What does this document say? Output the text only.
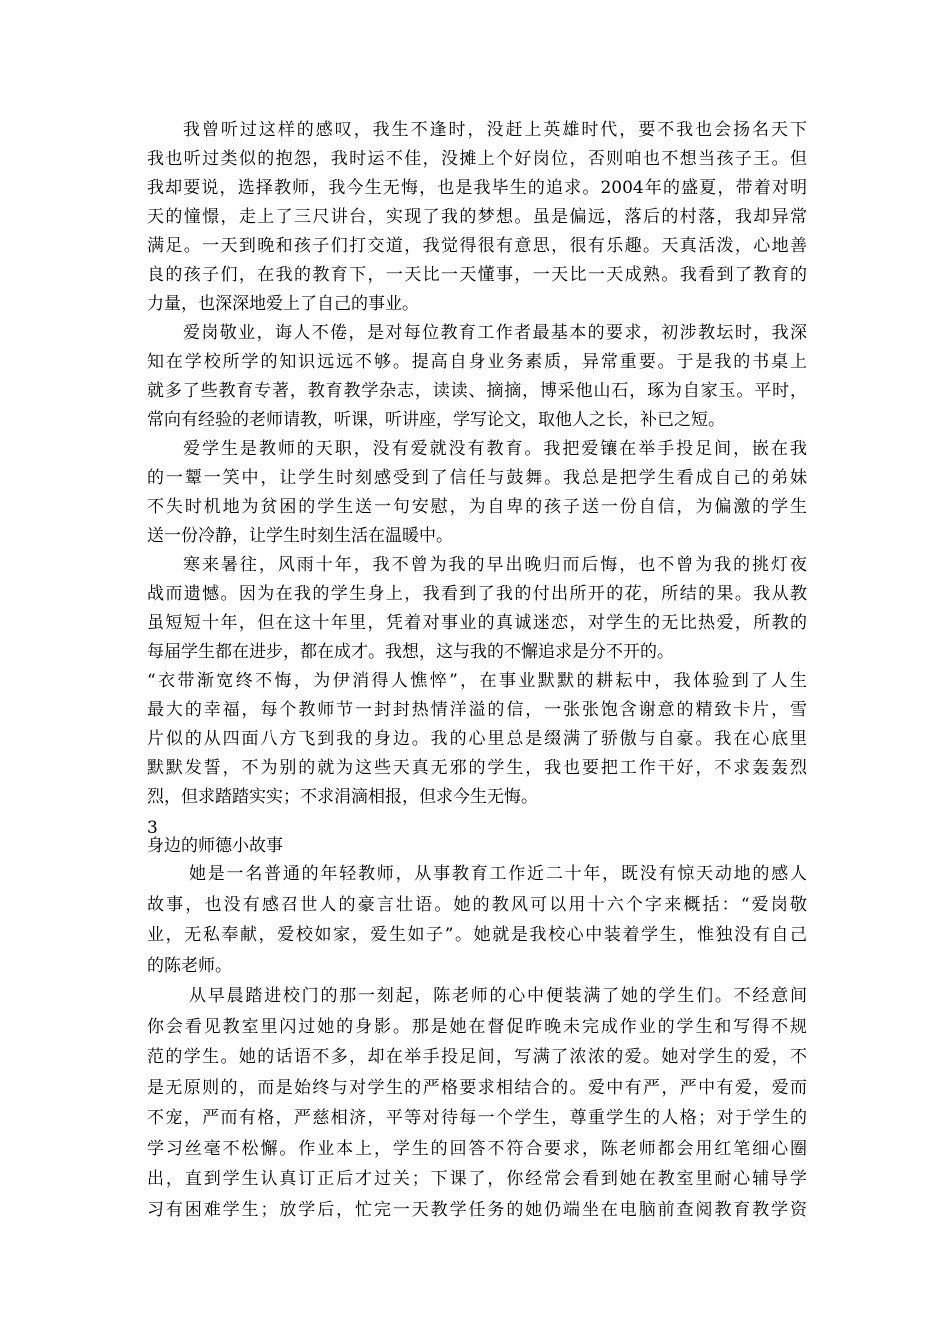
我曾听过这样的感叹，我生不逢时，没赶上英雄时代，要不我也会扬名天下
我也听过类似的抱怨，我时运不佳，没摊上个好岗位，否则咱也不想当孩子王。但
我却要说，选择教师，我今生无悔，也是我毕生的追求。2004年的盛夏，带着对明
天的憧憬，走上了三尺讲台，实现了我的梦想。虽是偏远，落后的村落，我却异常
满足。一天到晚和孩子们打交道，我觉得很有意思，很有乐趣。天真活泼，心地善
良的孩子们，在我的教育下，一天比一天懂事，一天比一天成熟。我看到了教育的
力量，也深深地爱上了自己的事业。
爱岗敬业，诲人不倦，是对每位教育工作者最基本的要求，初涉教坛时，我深
知在学校所学的知识远远不够。提高自身业务素质，异常重要。于是我的书桌上
就多了些教育专著，教育教学杂志，读读、摘摘，博采他山石，琢为自家玉。平时，
常向有经验的老师请教，听课，听讲座，学写论文，取他人之长，补已之短。
爱学生是教师的天职，没有爱就没有教育。我把爱镶在举手投足间，嵌在我
的一颦一笑中，让学生时刻感受到了信任与鼓舞。我总是把学生看成自己的弟妹
不失时机地为贫困的学生送一句安慰，为自卑的孩子送一份自信，为偏激的学生
送一份冷静，让学生时刻生活在温暖中。
寒来暑往，风雨十年，我不曾为我的早出晚归而后悔，也不曾为我的挑灯夜
战而遗憾。因为在我的学生身上，我看到了我的付出所开的花，所结的果。我从教
虽短短十年，但在这十年里，凭着对事业的真诚迷恋，对学生的无比热爱，所教的
每届学生都在进步，都在成才。我想，这与我的不懈追求是分不开的。
“衣带渐宽终不悔，为伊消得人憔悴”，在事业默默的耕耘中，我体验到了人生
最大的幸福，每个教师节一封封热情洋溢的信，一张张饱含谢意的精致卡片，雪
片似的从四面八方飞到我的身边。我的心里总是缀满了骄傲与自豪。我在心底里
默默发誓，不为别的就为这些天真无邪的学生，我也要把工作干好，不求轰轰烈
烈，但求踏踏实实；不求涓滴相报，但求今生无悔。
3
身边的师德小故事
她是一名普通的年轻教师，从事教育工作近二十年，既没有惊天动地的感人
故事，也没有感召世人的豪言壮语。她的教风可以用十六个字来概括：“爱岗敬
业，无私奉献，爱校如家，爱生如子”。她就是我校心中装着学生，惟独没有自己
的陈老师。
从早晨踏进校门的那一刻起，陈老师的心中便装满了她的学生们。不经意间
你会看见教室里闪过她的身影。那是她在督促昨晚未完成作业的学生和写得不规
范的学生。她的话语不多，却在举手投足间，写满了浓浓的爱。她对学生的爱，不
是无原则的，而是始终与对学生的严格要求相结合的。爱中有严，严中有爱，爱而
不宠，严而有格，严慈相济，平等对待每一个学生，尊重学生的人格；对于学生的
学习丝毫不松懈。作业本上，学生的回答不符合要求，陈老师都会用红笔细心圈
出，直到学生认真订正后才过关；下课了，你经常会看到她在教室里耐心辅导学
习有困难学生；放学后，忙完一天教学任务的她仍端坐在电脑前查阅教育教学资
